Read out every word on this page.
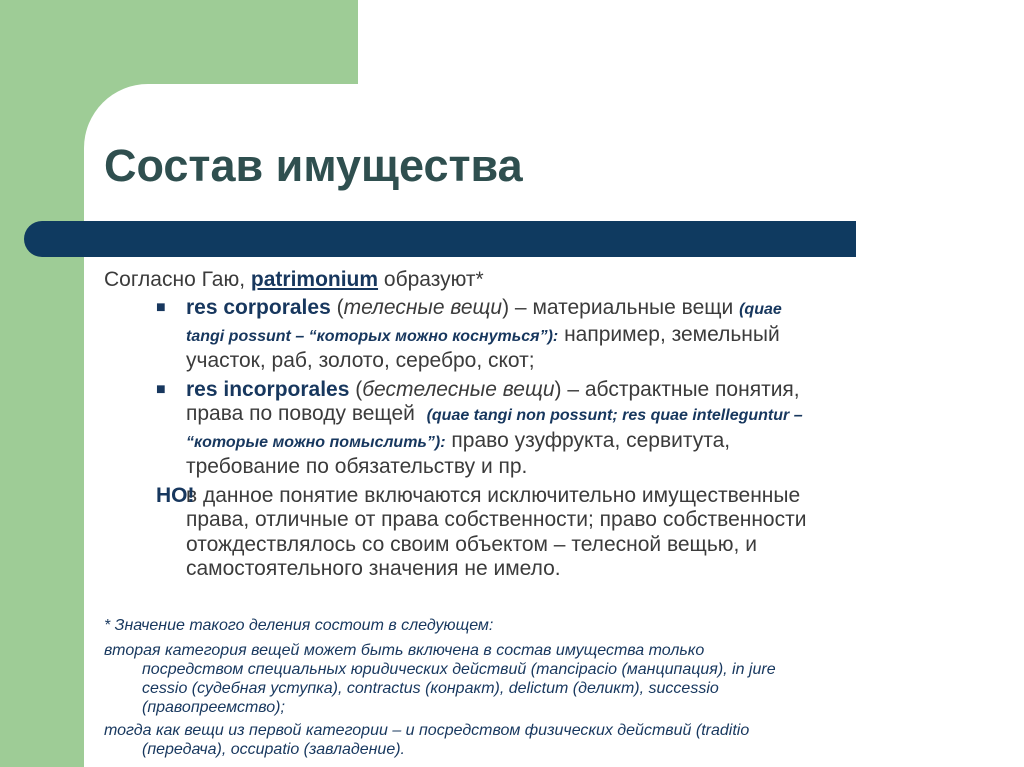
Состав имущества
Согласно Гаю, patrimonium образуют*
■ res corporales (телесные вещи) – материальные вещи (quae
tangi possunt – “которых можно коснуться”): например, земельный
участок, раб, золото, серебро, скот;
■ res incorporales (бестелесные вещи) – абстрактные понятия,
права по поводу вещей  (quae tangi non possunt; res quae intelleguntur –
“которые можно помыслить”): право узуфрукта, сервитута,
требование по обязательству и пр.
НО!
в данное понятие включаются исключительно имущественные
права, отличные от права собственности; право собственности
отождествлялось со своим объектом – телесной вещью, и
самостоятельного значения не имело.

* Значение такого деления состоит в следующем:

вторая категория вещей может быть включена в состав имущества только
посредством специальных юридических действий (mancipacio (манципация), in jure
cessio (судебная уступка), contractus (конракт), delictum (деликт), successio
(правопреемство);

тогда как вещи из первой категории – и посредством физических действий (traditio
(передача), occupatio (завладение).
